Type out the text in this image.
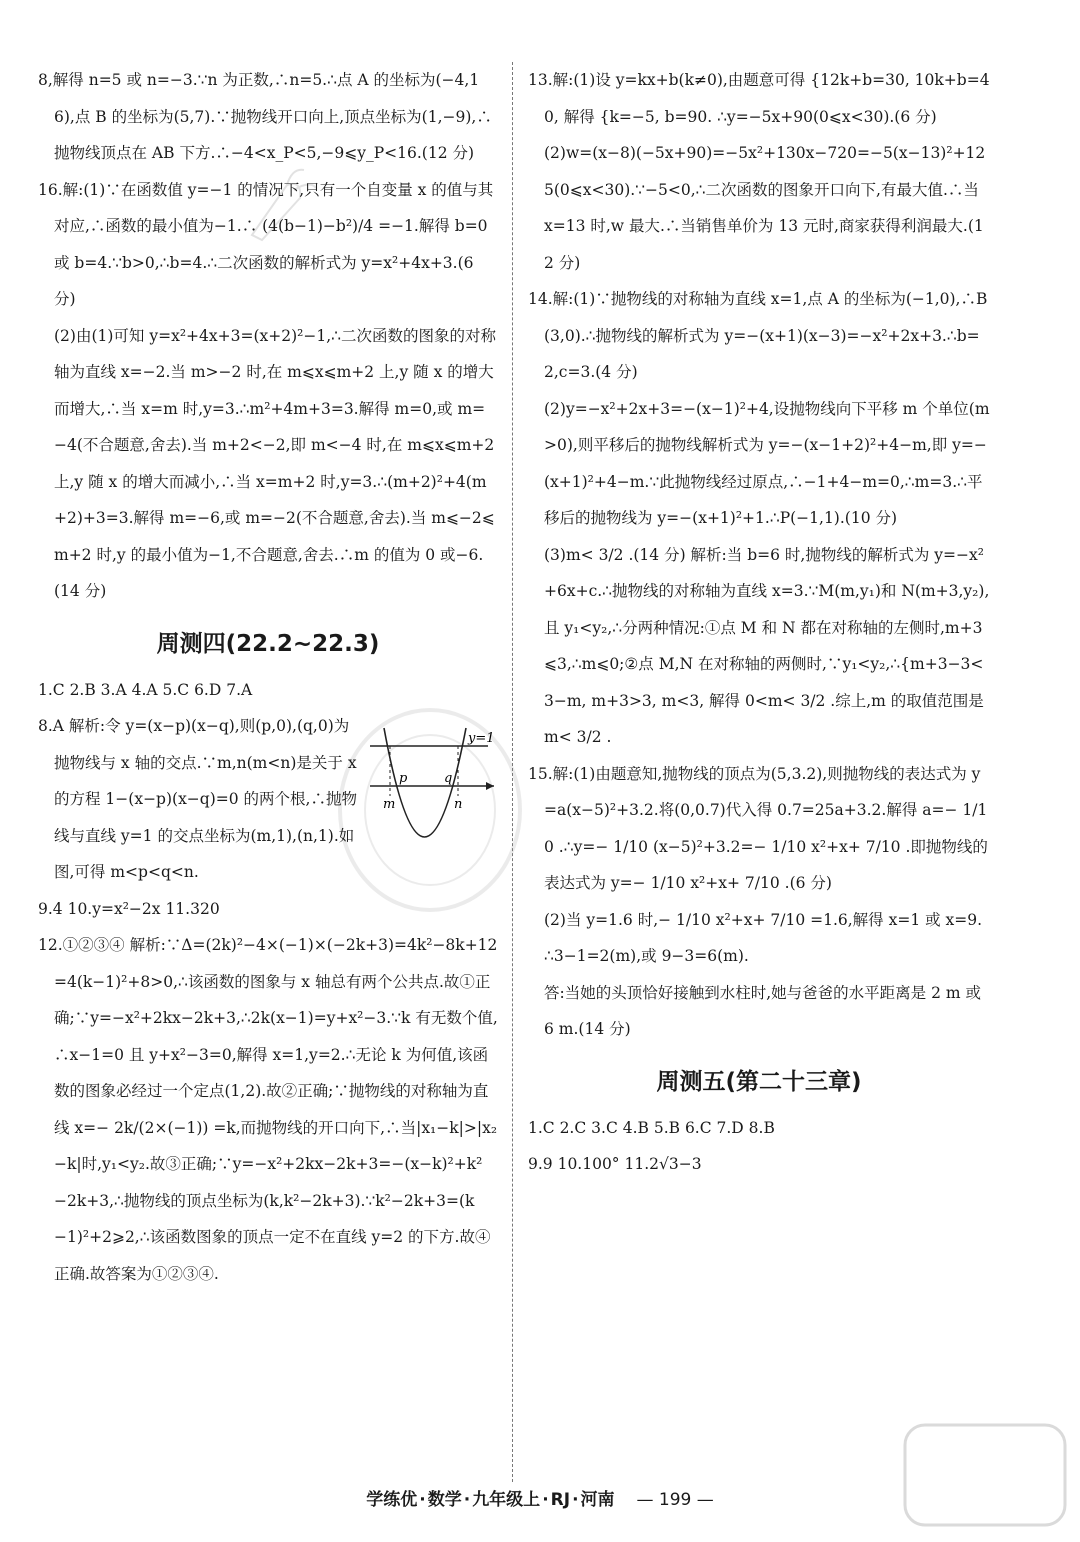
8,解得 n=5 或 n=−3.∵n 为正数,∴n=5.∴点 A 的坐标为(−4,16),点 B 的坐标为(5,7).∵抛物线开口向上,顶点坐标为(1,−9),∴抛物线顶点在 AB 下方.∴−4<x_P<5,−9⩽y_P<16.(12 分)

16.解:(1)∵在函数值 y=−1 的情况下,只有一个自变量 x 的值与其对应,∴函数的最小值为−1.∴ (4(b−1)−b²)/4 =−1.解得 b=0 或 b=4.∵b>0,∴b=4.∴二次函数的解析式为 y=x²+4x+3.(6 分)

(2)由(1)可知 y=x²+4x+3=(x+2)²−1,∴二次函数的图象的对称轴为直线 x=−2.当 m>−2 时,在 m⩽x⩽m+2 上,y 随 x 的增大而增大,∴当 x=m 时,y=3.∴m²+4m+3=3.解得 m=0,或 m=−4(不合题意,舍去).当 m+2<−2,即 m<−4 时,在 m⩽x⩽m+2 上,y 随 x 的增大而减小,∴当 x=m+2 时,y=3.∴(m+2)²+4(m+2)+3=3.解得 m=−6,或 m=−2(不合题意,舍去).当 m⩽−2⩽m+2 时,y 的最小值为−1,不合题意,舍去.∴m 的值为 0 或−6.(14 分)

周测四(22.2~22.3)

1.C 2.B 3.A 4.A 5.C 6.D 7.A

y=1
p	q
m	n

8.A 解析:令 y=(x−p)(x−q),则(p,0),(q,0)为抛物线与 x 轴的交点.∵m,n(m<n)是关于 x 的方程 1−(x−p)(x−q)=0 的两个根,∴抛物线与直线 y=1 的交点坐标为(m,1),(n,1).如图,可得 m<p<q<n.

9.4 10.y=x²−2x 11.320

12.①②③④ 解析:∵Δ=(2k)²−4×(−1)×(−2k+3)=4k²−8k+12=4(k−1)²+8>0,∴该函数的图象与 x 轴总有两个公共点.故①正确;∵y=−x²+2kx−2k+3,∴2k(x−1)=y+x²−3.∵k 有无数个值,∴x−1=0 且 y+x²−3=0,解得 x=1,y=2.∴无论 k 为何值,该函数的图象必经过一个定点(1,2).故②正确;∵抛物线的对称轴为直线 x=− 2k/(2×(−1)) =k,而抛物线的开口向下,∴当|x₁−k|>|x₂−k|时,y₁<y₂.故③正确;∵y=−x²+2kx−2k+3=−(x−k)²+k²−2k+3,∴抛物线的顶点坐标为(k,k²−2k+3).∵k²−2k+3=(k−1)²+2⩾2,∴该函数图象的顶点一定不在直线 y=2 的下方.故④正确.故答案为①②③④.

13.解:(1)设 y=kx+b(k≠0),由题意可得 {12k+b=30, 10k+b=40, 解得 {k=−5, b=90. ∴y=−5x+90(0⩽x<30).(6 分)

(2)w=(x−8)(−5x+90)=−5x²+130x−720=−5(x−13)²+125(0⩽x<30).∵−5<0,∴二次函数的图象开口向下,有最大值.∴当 x=13 时,w 最大.∴当销售单价为 13 元时,商家获得利润最大.(12 分)

14.解:(1)∵抛物线的对称轴为直线 x=1,点 A 的坐标为(−1,0),∴B(3,0).∴抛物线的解析式为 y=−(x+1)(x−3)=−x²+2x+3.∴b=2,c=3.(4 分)

(2)y=−x²+2x+3=−(x−1)²+4,设抛物线向下平移 m 个单位(m>0),则平移后的抛物线解析式为 y=−(x−1+2)²+4−m,即 y=−(x+1)²+4−m.∵此抛物线经过原点,∴−1+4−m=0,∴m=3.∴平移后的抛物线为 y=−(x+1)²+1.∴P(−1,1).(10 分)

(3)m< 3/2 .(14 分) 解析:当 b=6 时,抛物线的解析式为 y=−x²+6x+c.∴抛物线的对称轴为直线 x=3.∵M(m,y₁)和 N(m+3,y₂),且 y₁<y₂,∴分两种情况:①点 M 和 N 都在对称轴的左侧时,m+3⩽3,∴m⩽0;②点 M,N 在对称轴的两侧时,∵y₁<y₂,∴{m+3−3<3−m, m+3>3, m<3, 解得 0<m< 3/2 .综上,m 的取值范围是 m< 3/2 .

15.解:(1)由题意知,抛物线的顶点为(5,3.2),则抛物线的表达式为 y=a(x−5)²+3.2.将(0,0.7)代入得 0.7=25a+3.2.解得 a=− 1/10 .∴y=− 1/10 (x−5)²+3.2=− 1/10 x²+x+ 7/10 .即抛物线的表达式为 y=− 1/10 x²+x+ 7/10 .(6 分)

(2)当 y=1.6 时,− 1/10 x²+x+ 7/10 =1.6,解得 x=1 或 x=9.∴3−1=2(m),或 9−3=6(m).

答:当她的头顶恰好接触到水柱时,她与爸爸的水平距离是 2 m 或 6 m.(14 分)

周测五(第二十三章)

1.C 2.C 3.C 4.B 5.B 6.C 7.D 8.B

9.9 10.100° 11.2√3−3

学练优 · 数学 · 九年级上 · RJ · 河南 — 199 —
